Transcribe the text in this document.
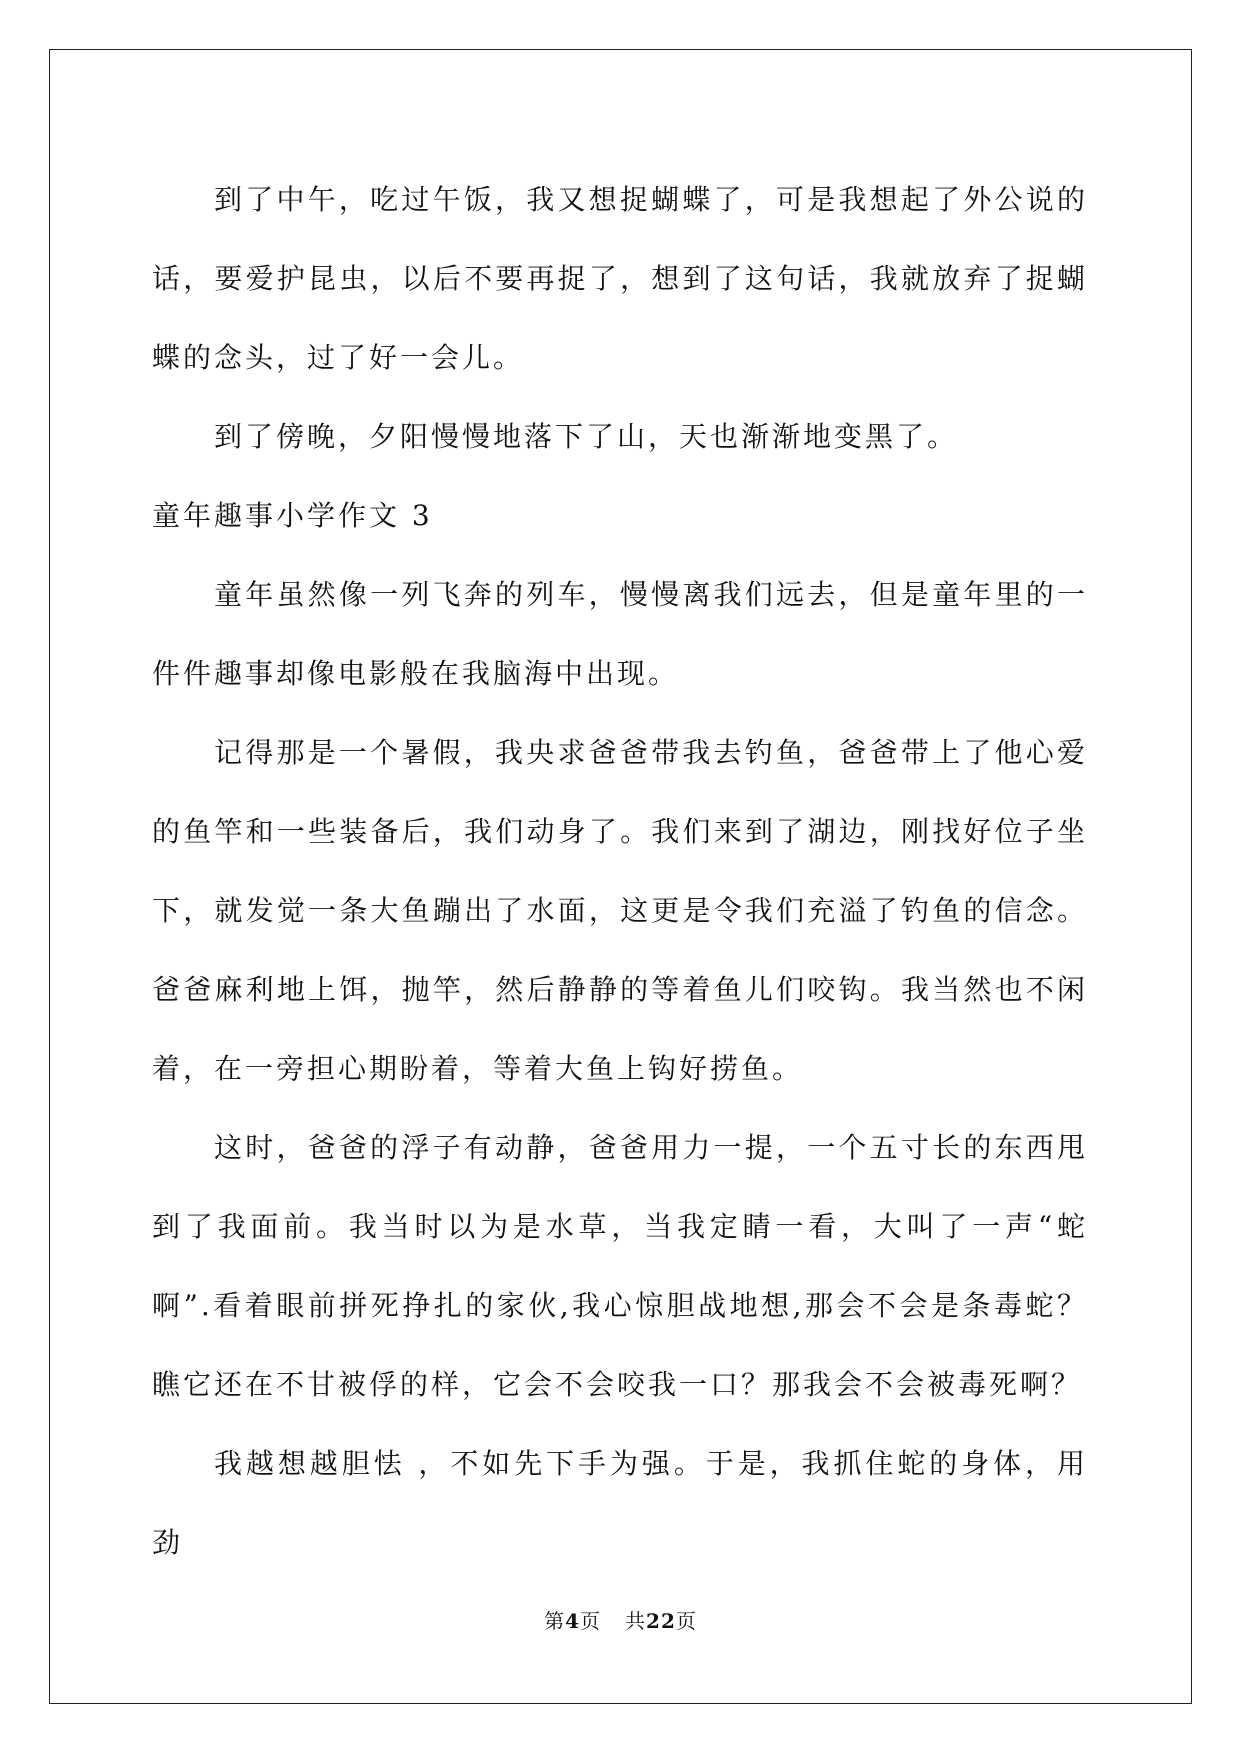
到了中午，吃过午饭，我又想捉蝴蝶了，可是我想起了外公说的话，要爱护昆虫，以后不要再捉了，想到了这句话，我就放弃了捉蝴蝶的念头，过了好一会儿。

到了傍晚，夕阳慢慢地落下了山，天也渐渐地变黑了。

童年趣事小学作文 3

童年虽然像一列飞奔的列车，慢慢离我们远去，但是童年里的一件件趣事却像电影般在我脑海中出现。

记得那是一个暑假，我央求爸爸带我去钓鱼，爸爸带上了他心爱的鱼竿和一些装备后，我们动身了。我们来到了湖边，刚找好位子坐下，就发觉一条大鱼蹦出了水面，这更是令我们充溢了钓鱼的信念。爸爸麻利地上饵，抛竿，然后静静的等着鱼儿们咬钩。我当然也不闲着，在一旁担心期盼着，等着大鱼上钩好捞鱼。

这时，爸爸的浮子有动静，爸爸用力一提，一个五寸长的东西甩到了我面前。我当时以为是水草，当我定睛一看，大叫了一声“蛇啊”.看着眼前拼死挣扎的家伙,我心惊胆战地想,那会不会是条毒蛇？瞧它还在不甘被俘的样，它会不会咬我一口？那我会不会被毒死啊？

我越想越胆怯 ，不如先下手为强。于是，我抓住蛇的身体，用劲

第4页 共22页
